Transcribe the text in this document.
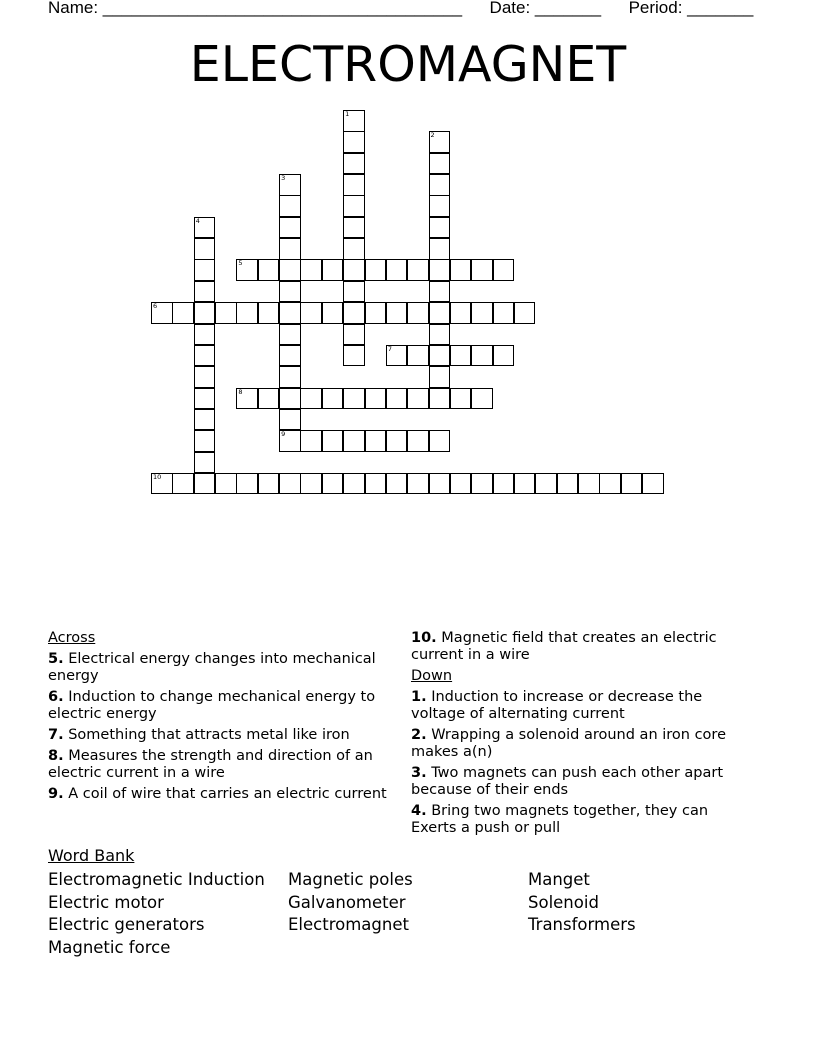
Name: ______________________________________ Date: _______ Period: _______
ELECTROMAGNET
1
2
3
4
5
6
7
8
9
10
Across
5. Electrical energy changes into mechanical energy
6. Induction to change mechanical energy to electric energy
7. Something that attracts metal like iron
8. Measures the strength and direction of an electric current in a wire
9. A coil of wire that carries an electric current
10. Magnetic field that creates an electric current in a wire
Down
1. Induction to increase or decrease the voltage of alternating current
2. Wrapping a solenoid around an iron core makes a(n)
3. Two magnets can push each other apart because of their ends
4. Bring two magnets together, they can Exerts a push or pull
Word Bank
Electromagnetic Induction
Electric motor
Electric generators
Magnetic force
Magnetic poles
Galvanometer
Electromagnet
Manget
Solenoid
Transformers
